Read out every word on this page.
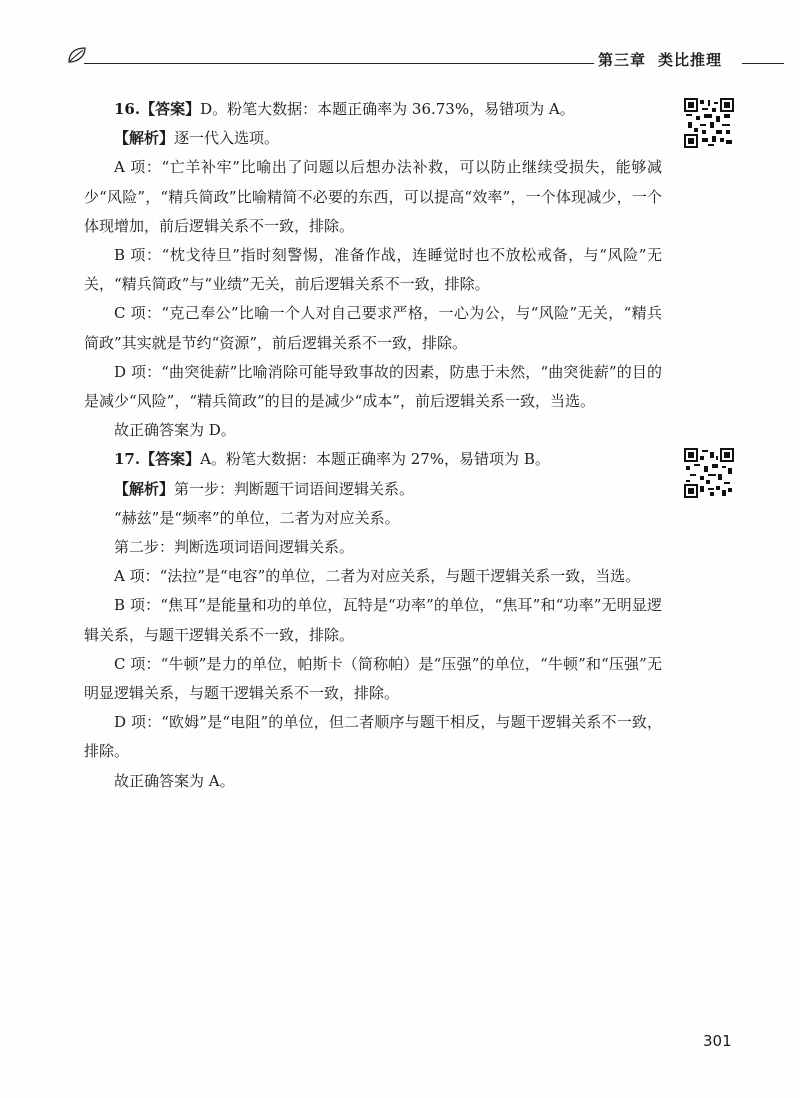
第三章 类比推理

16.【答案】D。粉笔大数据：本题正确率为 36.73%，易错项为 A。

【解析】逐一代入选项。

A 项：“亡羊补牢”比喻出了问题以后想办法补救，可以防止继续受损失，能够减少“风险”，“精兵简政”比喻精简不必要的东西，可以提高“效率”，一个体现减少，一个体现增加，前后逻辑关系不一致，排除。

B 项：“枕戈待旦”指时刻警惕，准备作战，连睡觉时也不放松戒备，与“风险”无关，“精兵简政”与“业绩”无关，前后逻辑关系不一致，排除。

C 项：“克己奉公”比喻一个人对自己要求严格，一心为公，与“风险”无关，“精兵简政”其实就是节约“资源”，前后逻辑关系不一致，排除。

D 项：“曲突徙薪”比喻消除可能导致事故的因素，防患于未然，“曲突徙薪”的目的是减少“风险”，“精兵简政”的目的是减少“成本”，前后逻辑关系一致，当选。

故正确答案为 D。

17.【答案】A。粉笔大数据：本题正确率为 27%，易错项为 B。

【解析】第一步：判断题干词语间逻辑关系。

“赫兹”是“频率”的单位，二者为对应关系。

第二步：判断选项词语间逻辑关系。

A 项：“法拉”是“电容”的单位，二者为对应关系，与题干逻辑关系一致，当选。

B 项：“焦耳”是能量和功的单位，瓦特是“功率”的单位，“焦耳”和“功率”无明显逻辑关系，与题干逻辑关系不一致，排除。

C 项：“牛顿”是力的单位，帕斯卡（简称帕）是“压强”的单位，“牛顿”和“压强”无明显逻辑关系，与题干逻辑关系不一致，排除。

D 项：“欧姆”是“电阻”的单位，但二者顺序与题干相反，与题干逻辑关系不一致，排除。

故正确答案为 A。

301
